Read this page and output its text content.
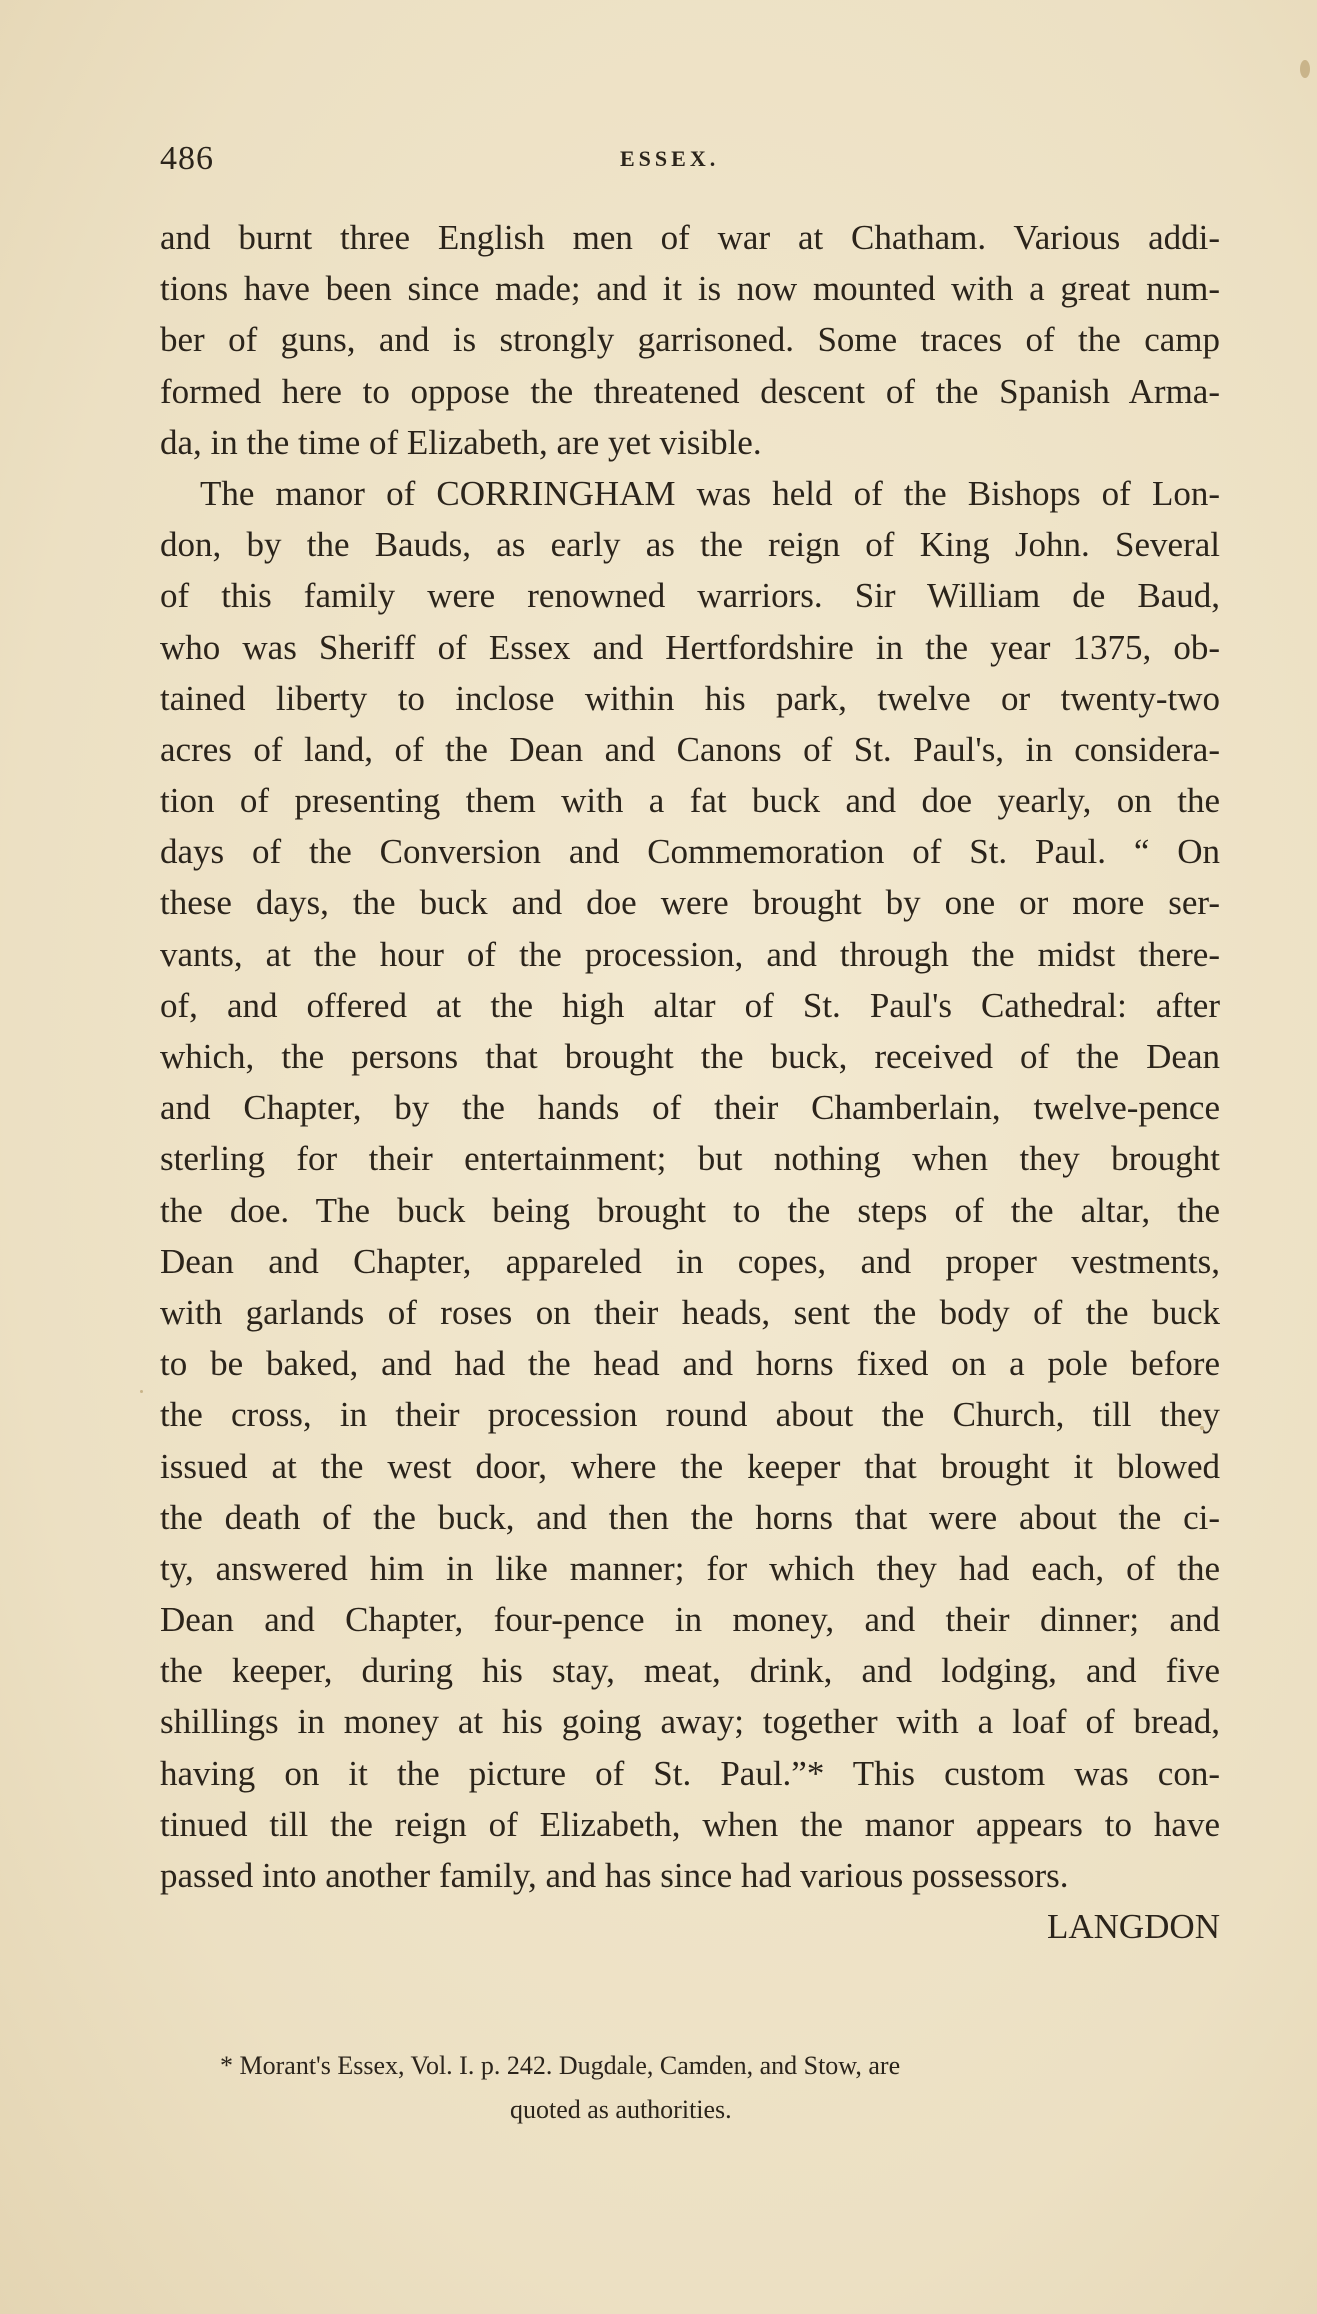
486	ESSEX.
and burnt three English men of war at Chatham. Various addi-
tions have been since made; and it is now mounted with a great num-
ber of guns, and is strongly garrisoned. Some traces of the camp
formed here to oppose the threatened descent of the Spanish Arma-
da, in the time of Elizabeth, are yet visible.
The manor of CORRINGHAM was held of the Bishops of Lon-
don, by the Bauds, as early as the reign of King John. Several
of this family were renowned warriors. Sir William de Baud,
who was Sheriff of Essex and Hertfordshire in the year 1375, ob-
tained liberty to inclose within his park, twelve or twenty-two
acres of land, of the Dean and Canons of St. Paul's, in considera-
tion of presenting them with a fat buck and doe yearly, on the
days of the Conversion and Commemoration of St. Paul. “ On
these days, the buck and doe were brought by one or more ser-
vants, at the hour of the procession, and through the midst there-
of, and offered at the high altar of St. Paul's Cathedral: after
which, the persons that brought the buck, received of the Dean
and Chapter, by the hands of their Chamberlain, twelve-pence
sterling for their entertainment; but nothing when they brought
the doe. The buck being brought to the steps of the altar, the
Dean and Chapter, appareled in copes, and proper vestments,
with garlands of roses on their heads, sent the body of the buck
to be baked, and had the head and horns fixed on a pole before
the cross, in their procession round about the Church, till they
issued at the west door, where the keeper that brought it blowed
the death of the buck, and then the horns that were about the ci-
ty, answered him in like manner; for which they had each, of the
Dean and Chapter, four-pence in money, and their dinner; and
the keeper, during his stay, meat, drink, and lodging, and five
shillings in money at his going away; together with a loaf of bread,
having on it the picture of St. Paul.”* This custom was con-
tinued till the reign of Elizabeth, when the manor appears to have
passed into another family, and has since had various possessors.
LANGDON
* Morant's Essex, Vol. I. p. 242. Dugdale, Camden, and Stow, are
quoted as authorities.
